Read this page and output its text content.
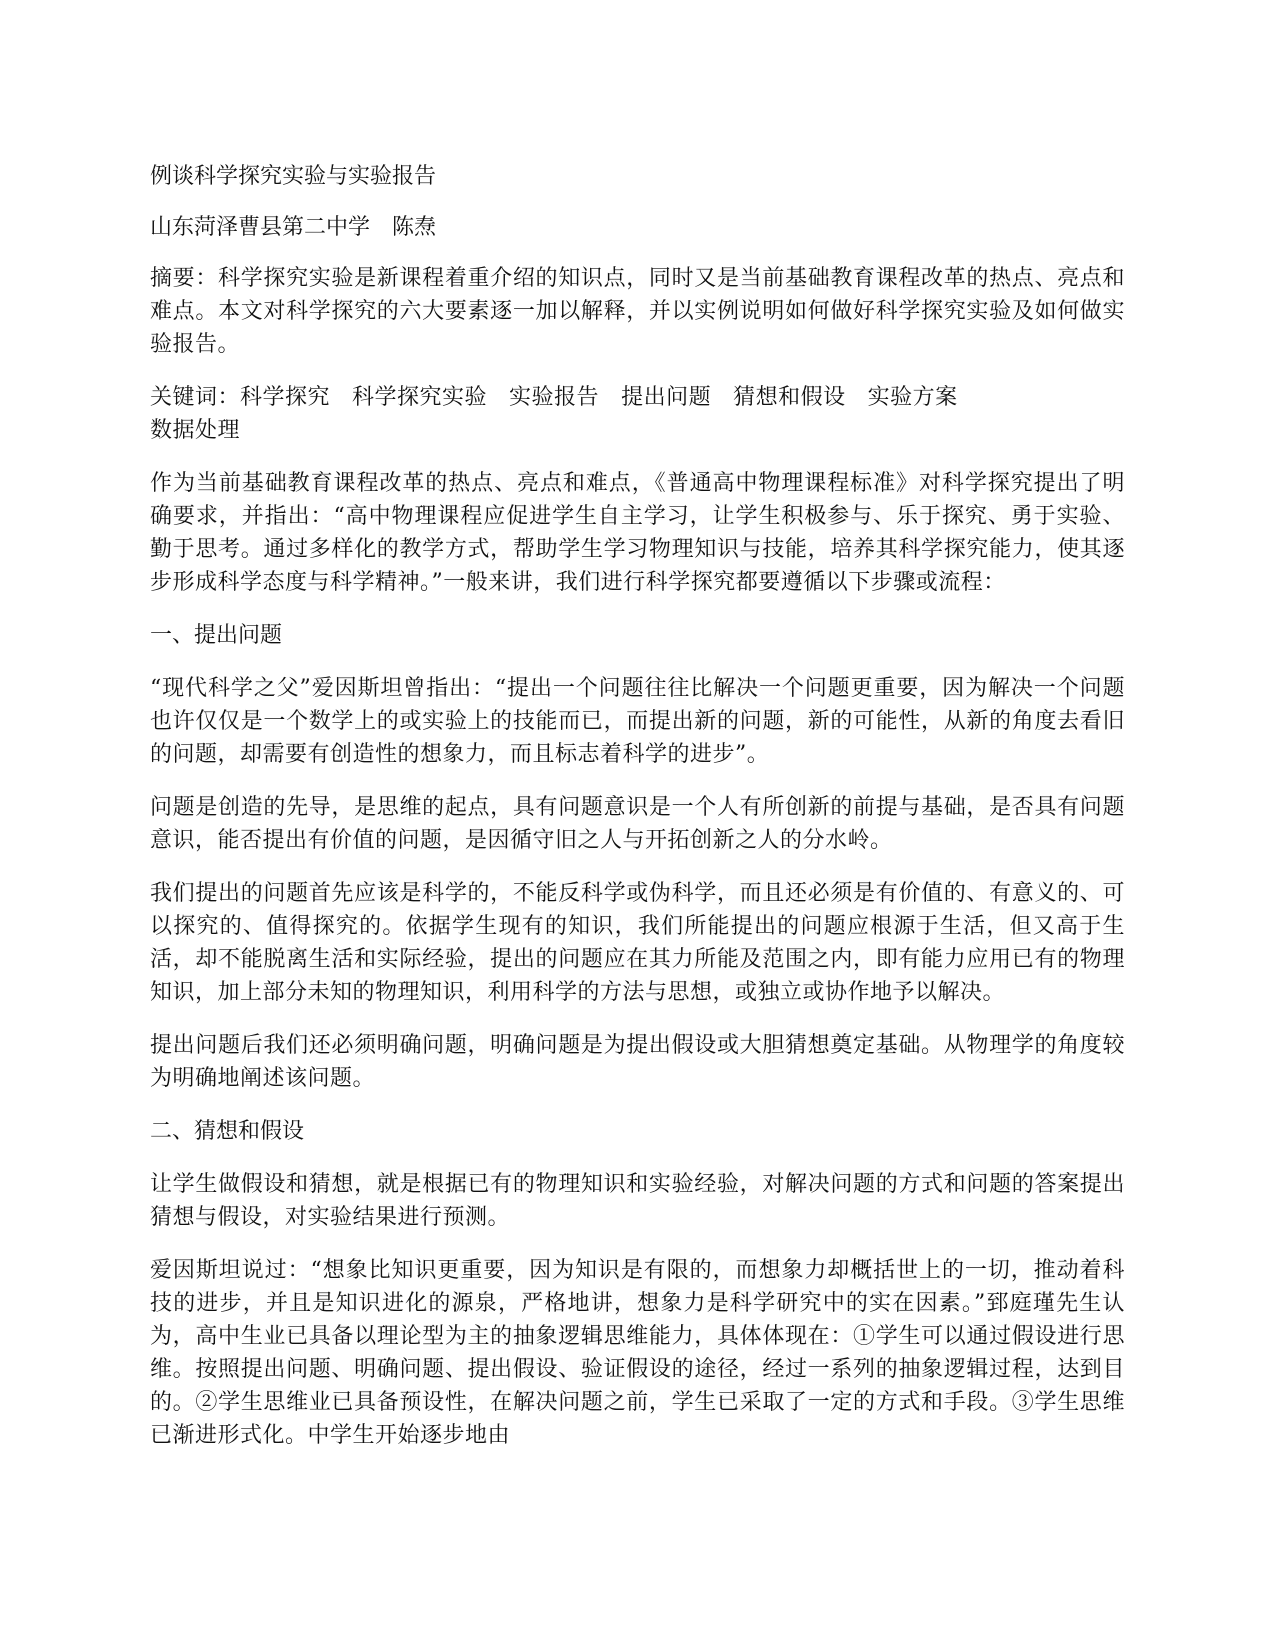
例谈科学探究实验与实验报告
山东菏泽曹县第二中学 陈焘

摘要：科学探究实验是新课程着重介绍的知识点，同时又是当前基础教育课程改革的热点、亮点和难点。本文对科学探究的六大要素逐一加以解释，并以实例说明如何做好科学探究实验及如何做实验报告。

关键词：科学探究 科学探究实验 实验报告 提出问题 猜想和假设 实验方案
数据处理

作为当前基础教育课程改革的热点、亮点和难点，《普通高中物理课程标准》对科学探究提出了明确要求，并指出：“高中物理课程应促进学生自主学习，让学生积极参与、乐于探究、勇于实验、勤于思考。通过多样化的教学方式，帮助学生学习物理知识与技能，培养其科学探究能力，使其逐步形成科学态度与科学精神。”一般来讲，我们进行科学探究都要遵循以下步骤或流程：

一、提出问题

“现代科学之父”爱因斯坦曾指出：“提出一个问题往往比解决一个问题更重要，因为解决一个问题也许仅仅是一个数学上的或实验上的技能而已，而提出新的问题，新的可能性，从新的角度去看旧的问题，却需要有创造性的想象力，而且标志着科学的进步”。

问题是创造的先导，是思维的起点，具有问题意识是一个人有所创新的前提与基础，是否具有问题意识，能否提出有价值的问题，是因循守旧之人与开拓创新之人的分水岭。

我们提出的问题首先应该是科学的，不能反科学或伪科学，而且还必须是有价值的、有意义的、可以探究的、值得探究的。依据学生现有的知识，我们所能提出的问题应根源于生活，但又高于生活，却不能脱离生活和实际经验，提出的问题应在其力所能及范围之内，即有能力应用已有的物理知识，加上部分未知的物理知识，利用科学的方法与思想，或独立或协作地予以解决。

提出问题后我们还必须明确问题，明确问题是为提出假设或大胆猜想奠定基础。从物理学的角度较为明确地阐述该问题。

二、猜想和假设

让学生做假设和猜想，就是根据已有的物理知识和实验经验，对解决问题的方式和问题的答案提出猜想与假设，对实验结果进行预测。

爱因斯坦说过：“想象比知识更重要，因为知识是有限的，而想象力却概括世上的一切，推动着科技的进步，并且是知识进化的源泉，严格地讲，想象力是科学研究中的实在因素。”郅庭瑾先生认为，高中生业已具备以理论型为主的抽象逻辑思维能力，具体体现在：①学生可以通过假设进行思维。按照提出问题、明确问题、提出假设、验证假设的途径，经过一系列的抽象逻辑过程，达到目的。②学生思维业已具备预设性，在解决问题之前，学生已采取了一定的方式和手段。③学生思维已渐进形式化。中学生开始逐步地由
